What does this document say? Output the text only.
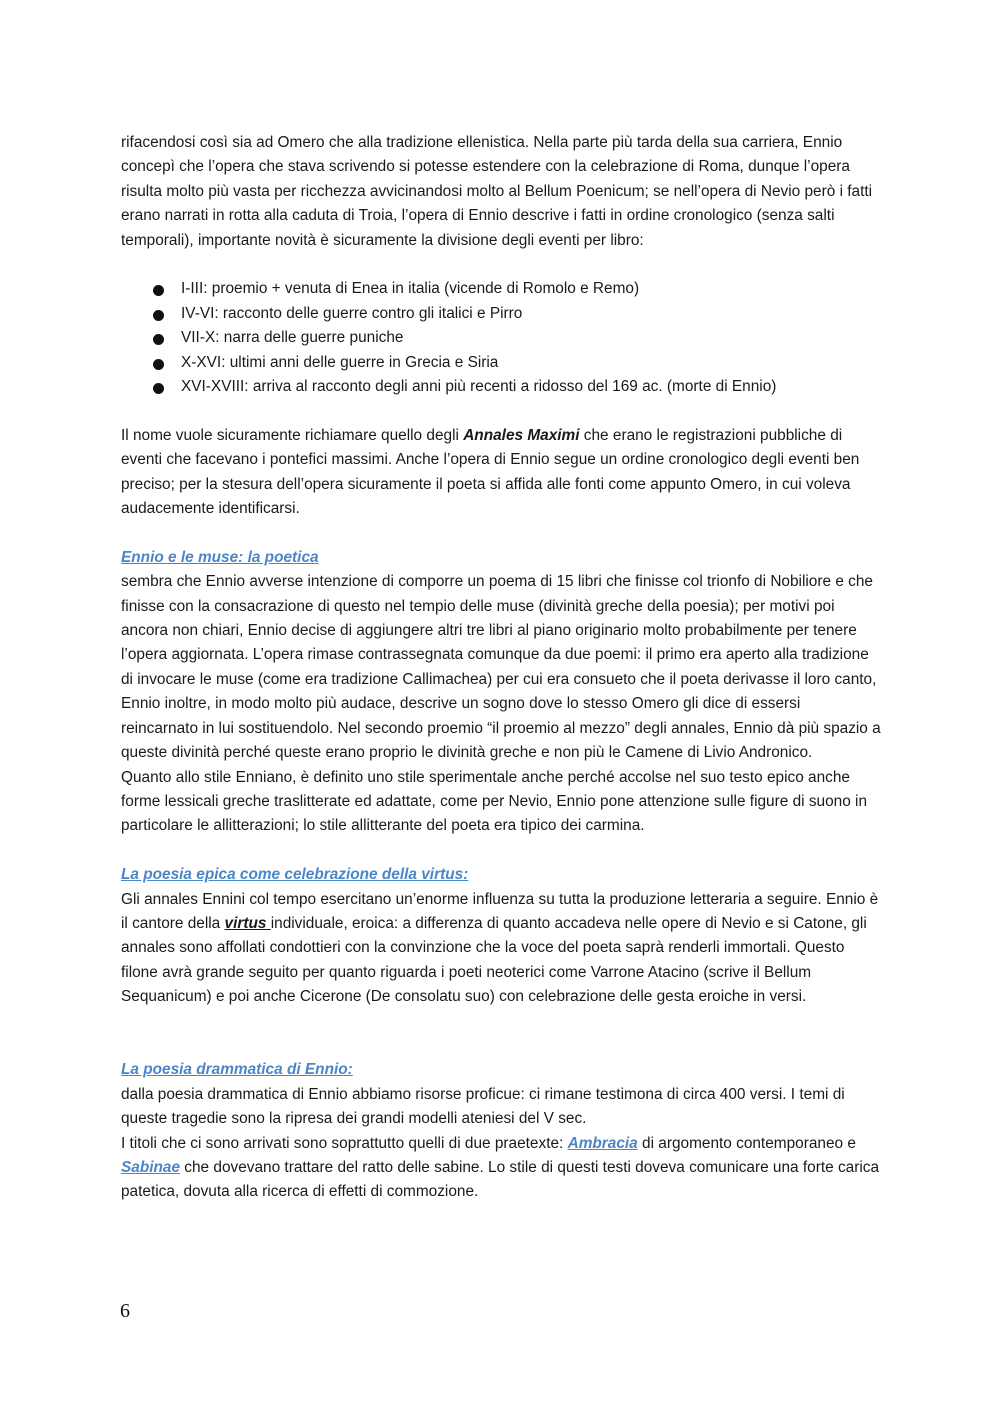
rifacendosi così sia ad Omero che alla tradizione ellenistica. Nella parte più tarda della sua carriera, Ennio concepì che l’opera che stava scrivendo si potesse estendere con la celebrazione di Roma, dunque l’opera risulta molto più vasta per ricchezza avvicinandosi molto al Bellum Poenicum; se nell’opera di Nevio però i fatti erano narrati in rotta alla caduta di Troia, l’opera di Ennio descrive i fatti in ordine cronologico (senza salti temporali), importante novità è sicuramente la divisione degli eventi per libro:

I-III: proemio + venuta di Enea in italia (vicende di Romolo e Remo)
IV-VI: racconto delle guerre contro gli italici e Pirro
VII-X: narra delle guerre puniche
X-XVI: ultimi anni delle guerre in Grecia e Siria
XVI-XVIII: arriva al racconto degli anni più recenti a ridosso del 169 ac. (morte di Ennio)

Il nome vuole sicuramente richiamare quello degli Annales Maximi che erano le registrazioni pubbliche di eventi che facevano i pontefici massimi. Anche l’opera di Ennio segue un ordine cronologico degli eventi ben preciso; per la stesura dell’opera sicuramente il poeta si affida alle fonti come appunto Omero, in cui voleva audacemente identificarsi.

Ennio e le muse: la poetica

sembra che Ennio avverse intenzione di comporre un poema di 15 libri che finisse col trionfo di Nobiliore e che finisse con la consacrazione di questo nel tempio delle muse (divinità greche della poesia); per motivi poi ancora non chiari, Ennio decise di aggiungere altri tre libri al piano originario molto probabilmente per tenere l’opera aggiornata. L’opera rimase contrassegnata comunque da due poemi: il primo era aperto alla tradizione di invocare le muse (come era tradizione Callimachea) per cui era consueto che il poeta derivasse il loro canto, Ennio inoltre, in modo molto più audace, descrive un sogno dove lo stesso Omero gli dice di essersi reincarnato in lui sostituendolo. Nel secondo proemio “il proemio al mezzo” degli annales, Ennio dà più spazio a queste divinità perché queste erano proprio le divinità greche e non più le Camene di Livio Andronico.

Quanto allo stile Enniano, è definito uno stile sperimentale anche perché accolse nel suo testo epico anche forme lessicali greche traslitterate ed adattate, come per Nevio, Ennio pone attenzione sulle figure di suono in particolare le allitterazioni; lo stile allitterante del poeta era tipico dei carmina.

La poesia epica come celebrazione della virtus:

Gli annales Ennini col tempo esercitano un’enorme influenza su tutta la produzione letteraria a seguire. Ennio è il cantore della virtus individuale, eroica: a differenza di quanto accadeva nelle opere di Nevio e si Catone, gli annales sono affollati condottieri con la convinzione che la voce del poeta saprà renderli immortali. Questo filone avrà grande seguito per quanto riguarda i poeti neoterici come Varrone Atacino (scrive il Bellum Sequanicum) e poi anche Cicerone (De consolatu suo) con celebrazione delle gesta eroiche in versi.

La poesia drammatica di Ennio:

dalla poesia drammatica di Ennio abbiamo risorse proficue: ci rimane testimona di circa 400 versi. I temi di queste tragedie sono la ripresa dei grandi modelli ateniesi del V sec.

I titoli che ci sono arrivati sono soprattutto quelli di due praetexte: Ambracia di argomento contemporaneo e Sabinae che dovevano trattare del ratto delle sabine. Lo stile di questi testi doveva comunicare una forte carica patetica, dovuta alla ricerca di effetti di commozione.

6
